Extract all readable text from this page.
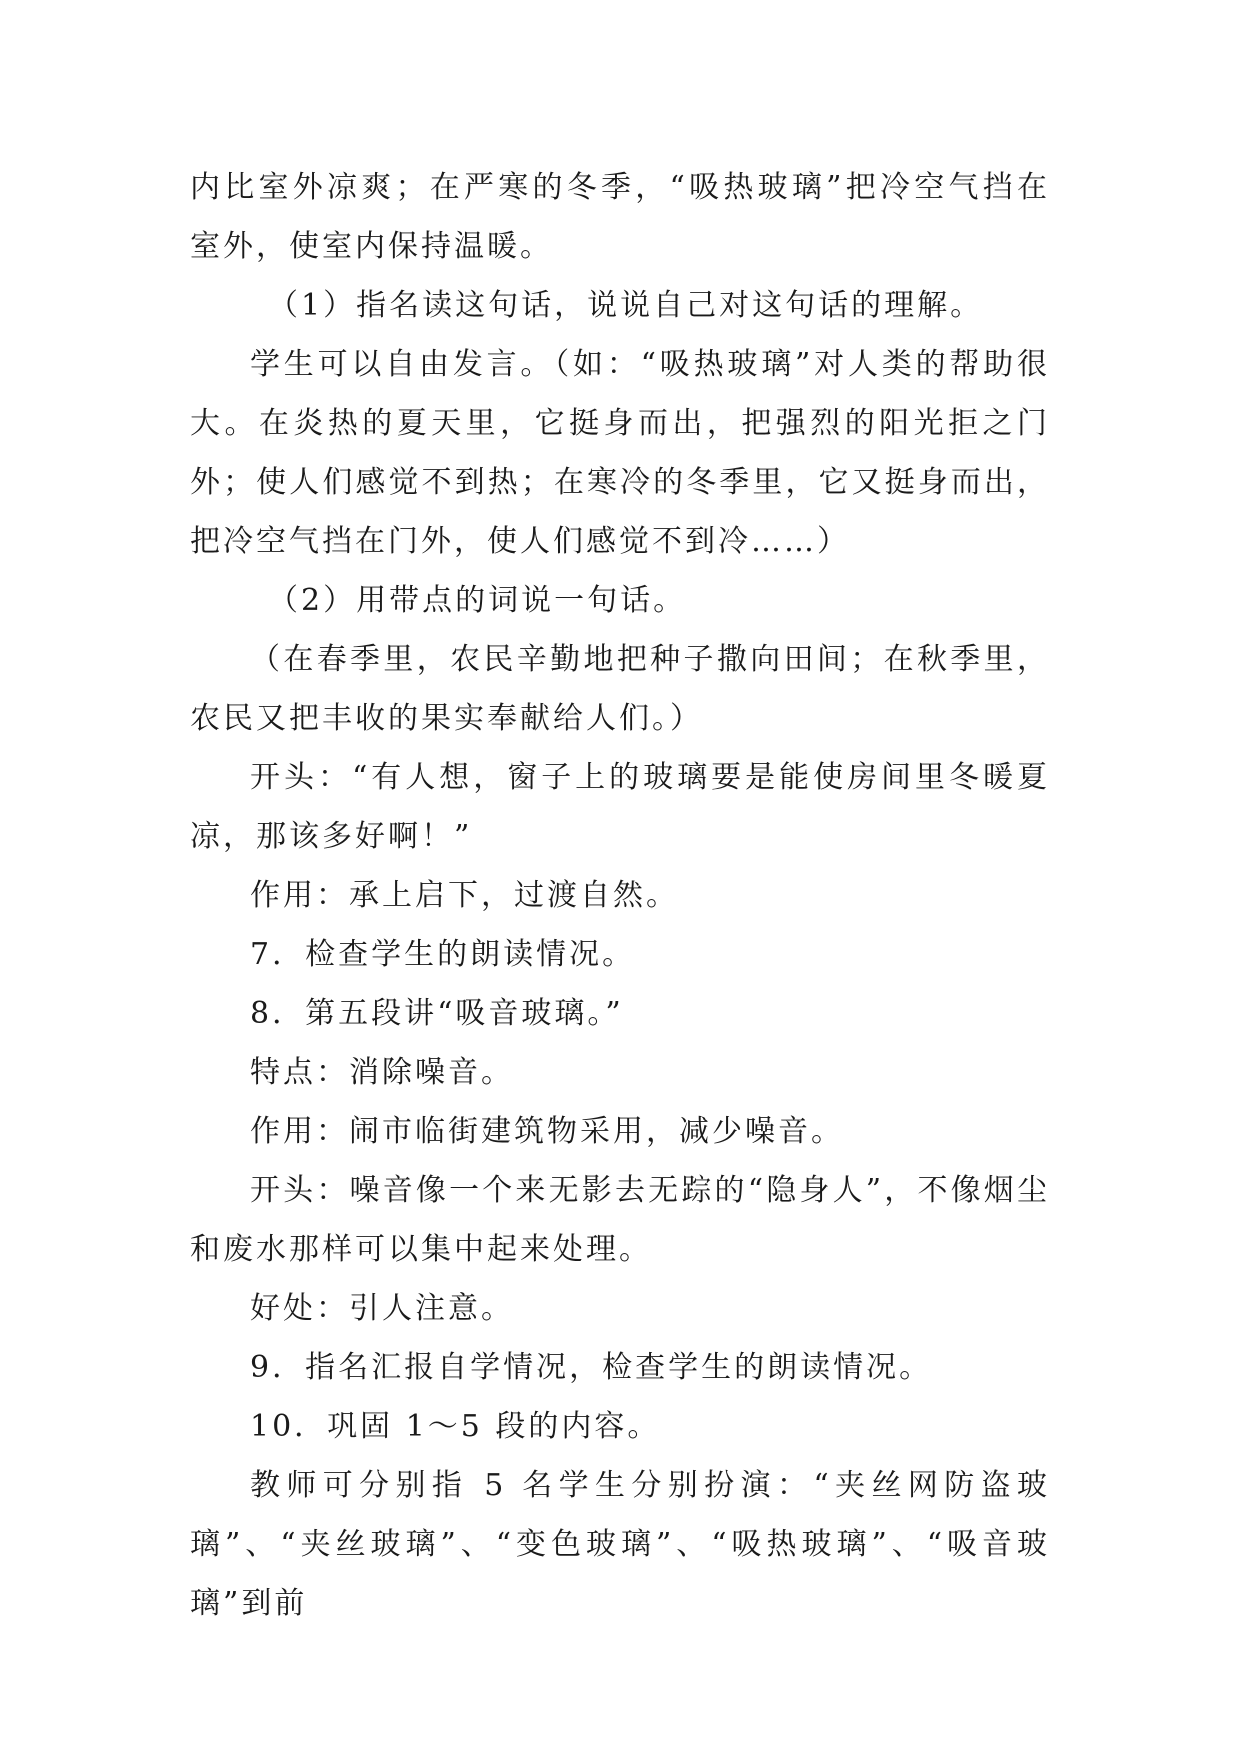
内比室外凉爽；在严寒的冬季，“吸热玻璃”把冷空气挡在室外，使室内保持温暖。

（1）指名读这句话，说说自己对这句话的理解。

学生可以自由发言。（如：“吸热玻璃”对人类的帮助很大。在炎热的夏天里，它挺身而出，把强烈的阳光拒之门外；使人们感觉不到热；在寒冷的冬季里，它又挺身而出，把冷空气挡在门外，使人们感觉不到冷……）

（2）用带点的词说一句话。

（在春季里，农民辛勤地把种子撒向田间；在秋季里，农民又把丰收的果实奉献给人们。）

开头：“有人想，窗子上的玻璃要是能使房间里冬暖夏凉，那该多好啊！”

作用：承上启下，过渡自然。

7．检查学生的朗读情况。

8．第五段讲“吸音玻璃。”

特点：消除噪音。

作用：闹市临街建筑物采用，减少噪音。

开头：噪音像一个来无影去无踪的“隐身人”，不像烟尘和废水那样可以集中起来处理。

好处：引人注意。

9．指名汇报自学情况，检查学生的朗读情况。

10．巩固 1～5 段的内容。

教师可分别指 5 名学生分别扮演：“夹丝网防盗玻璃”、“夹丝玻璃”、“变色玻璃”、“吸热玻璃”、“吸音玻璃”到前
